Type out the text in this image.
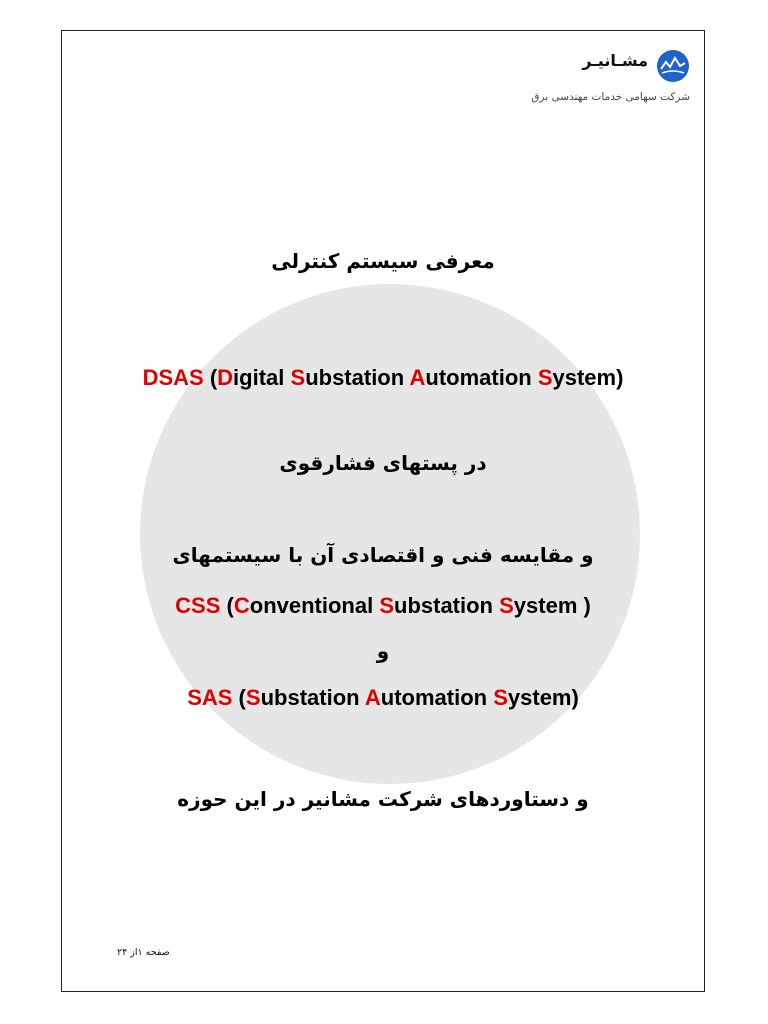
مشـانیـر
شرکت سهامی خدمات مهندسی برق
معرفی سیستم کنترلی
DSAS (Digital Substation Automation System)
در پستهای فشارقوی
و مقایسه فنی و اقتصادی آن با سیستمهای
CSS (Conventional Substation System )
و
SAS (Substation Automation System)
و دستاوردهای شرکت مشانیر در این حوزه
صفحه ۱از ۲۴
